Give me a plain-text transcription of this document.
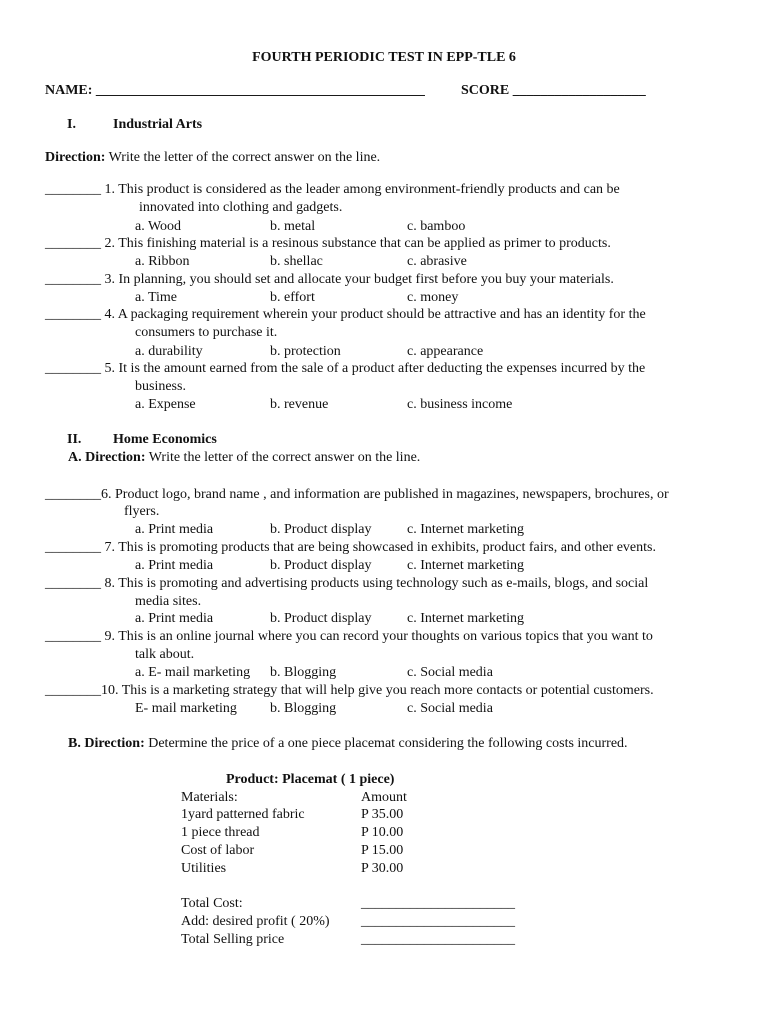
FOURTH PERIODIC TEST IN EPP-TLE 6
NAME: _______________________________________________	SCORE ___________________
I.	Industrial Arts
Direction: Write the letter of the correct answer on the line.
________ 1. This product is considered as the leader among environment-friendly products and can be
innovated into clothing and gadgets.
a. Wood	b. metal	c. bamboo
________ 2. This finishing material is a resinous substance that can be applied as primer to products.
a. Ribbon	b. shellac	c. abrasive
________ 3. In planning, you should set and allocate your budget first before you buy your materials.
a. Time	b. effort	c. money
________ 4. A packaging requirement wherein your product should be attractive and has an identity for the
consumers to purchase it.
a. durability	b. protection	c. appearance
________ 5. It is the amount earned from the sale of a product after deducting the expenses incurred by the
business.
a. Expense	b. revenue	c. business income
II. Home Economics
A. Direction: Write the letter of the correct answer on the line.
________6. Product logo, brand name , and information are published in magazines, newspapers, brochures, or
flyers.
a. Print media	b. Product display	c. Internet marketing
________ 7. This is promoting products that are being showcased in exhibits, product fairs, and other events.
a. Print media	b. Product display	c. Internet marketing
________ 8. This is promoting and advertising products using technology such as e-mails, blogs, and social
media sites.
a. Print media	b. Product display	c. Internet marketing
________ 9. This is an online journal where you can record your thoughts on various topics that you want to
talk about.
a. E- mail marketing b. Blogging	c. Social media
________10. This is a marketing strategy that will help give you reach more contacts or potential customers.
E- mail marketing b. Blogging	c. Social media
B. Direction: Determine the price of a one piece placemat considering the following costs incurred.
Product: Placemat ( 1 piece)
Materials:	Amount
1yard patterned fabric	P 35.00
1 piece thread	P 10.00
Cost of labor	P 15.00
Utilities	P 30.00
Total Cost:	______________________
Add: desired profit ( 20%) ______________________
Total Selling price	______________________
